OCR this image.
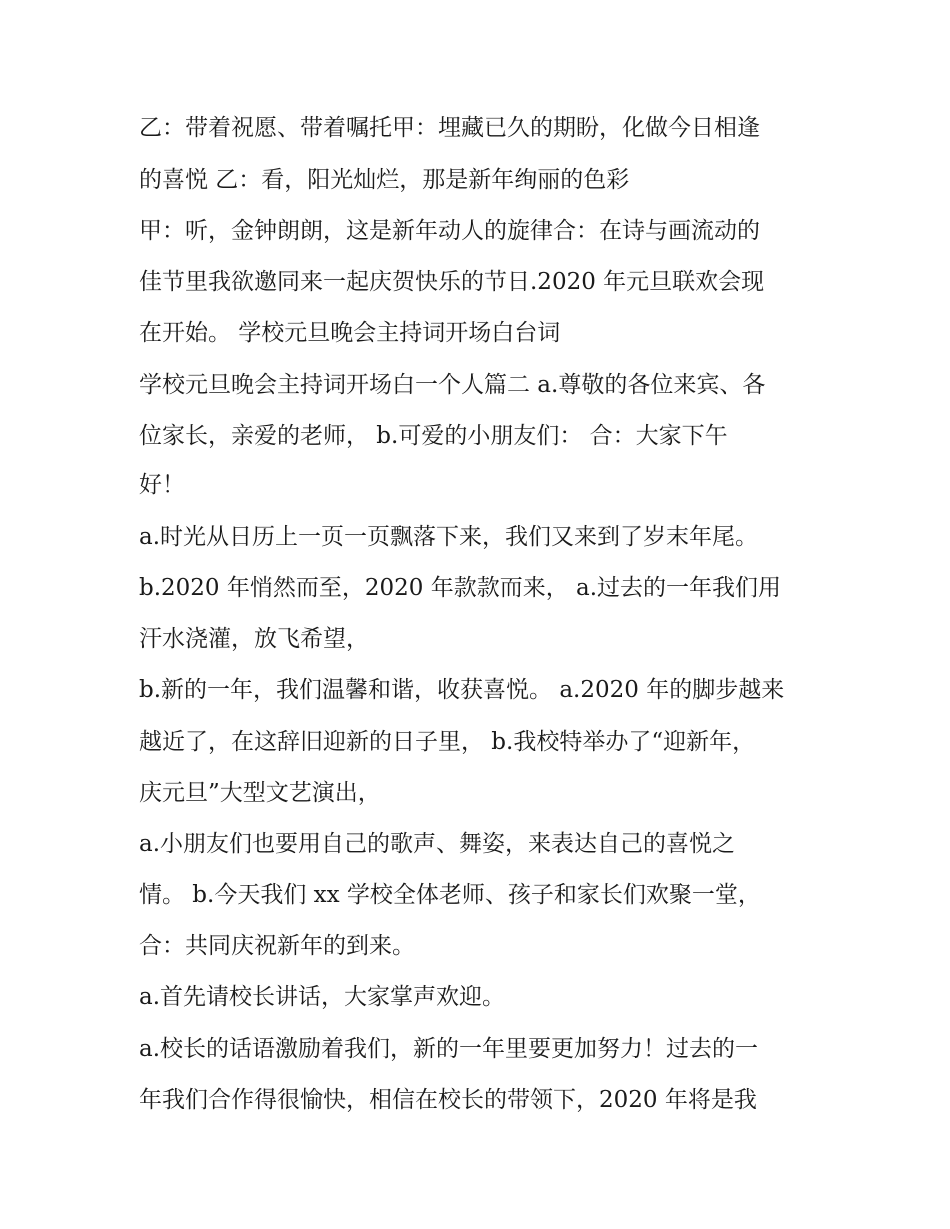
乙：带着祝愿、带着嘱托甲：埋藏已久的期盼，化做今日相逢
的喜悦 乙：看，阳光灿烂，那是新年绚丽的色彩
甲：听，金钟朗朗，这是新年动人的旋律合：在诗与画流动的
佳节里我欲邀同来一起庆贺快乐的节日.2020 年元旦联欢会现
在开始。 学校元旦晚会主持词开场白台词
学校元旦晚会主持词开场白一个人篇二 a.尊敬的各位来宾、各
位家长，亲爱的老师， b.可爱的小朋友们： 合：大家下午
好！
a.时光从日历上一页一页飘落下来，我们又来到了岁末年尾。
b.2020 年悄然而至，2020 年款款而来， a.过去的一年我们用
汗水浇灌，放飞希望，
b.新的一年，我们温馨和谐，收获喜悦。 a.2020 年的脚步越来
越近了，在这辞旧迎新的日子里， b.我校特举办了“迎新年，
庆元旦”大型文艺演出，
a.小朋友们也要用自己的歌声、舞姿，来表达自己的喜悦之
情。 b.今天我们 xx 学校全体老师、孩子和家长们欢聚一堂，
合：共同庆祝新年的到来。
a.首先请校长讲话，大家掌声欢迎。
a.校长的话语激励着我们，新的一年里要更加努力！过去的一
年我们合作得很愉快，相信在校长的带领下，2020 年将是我
